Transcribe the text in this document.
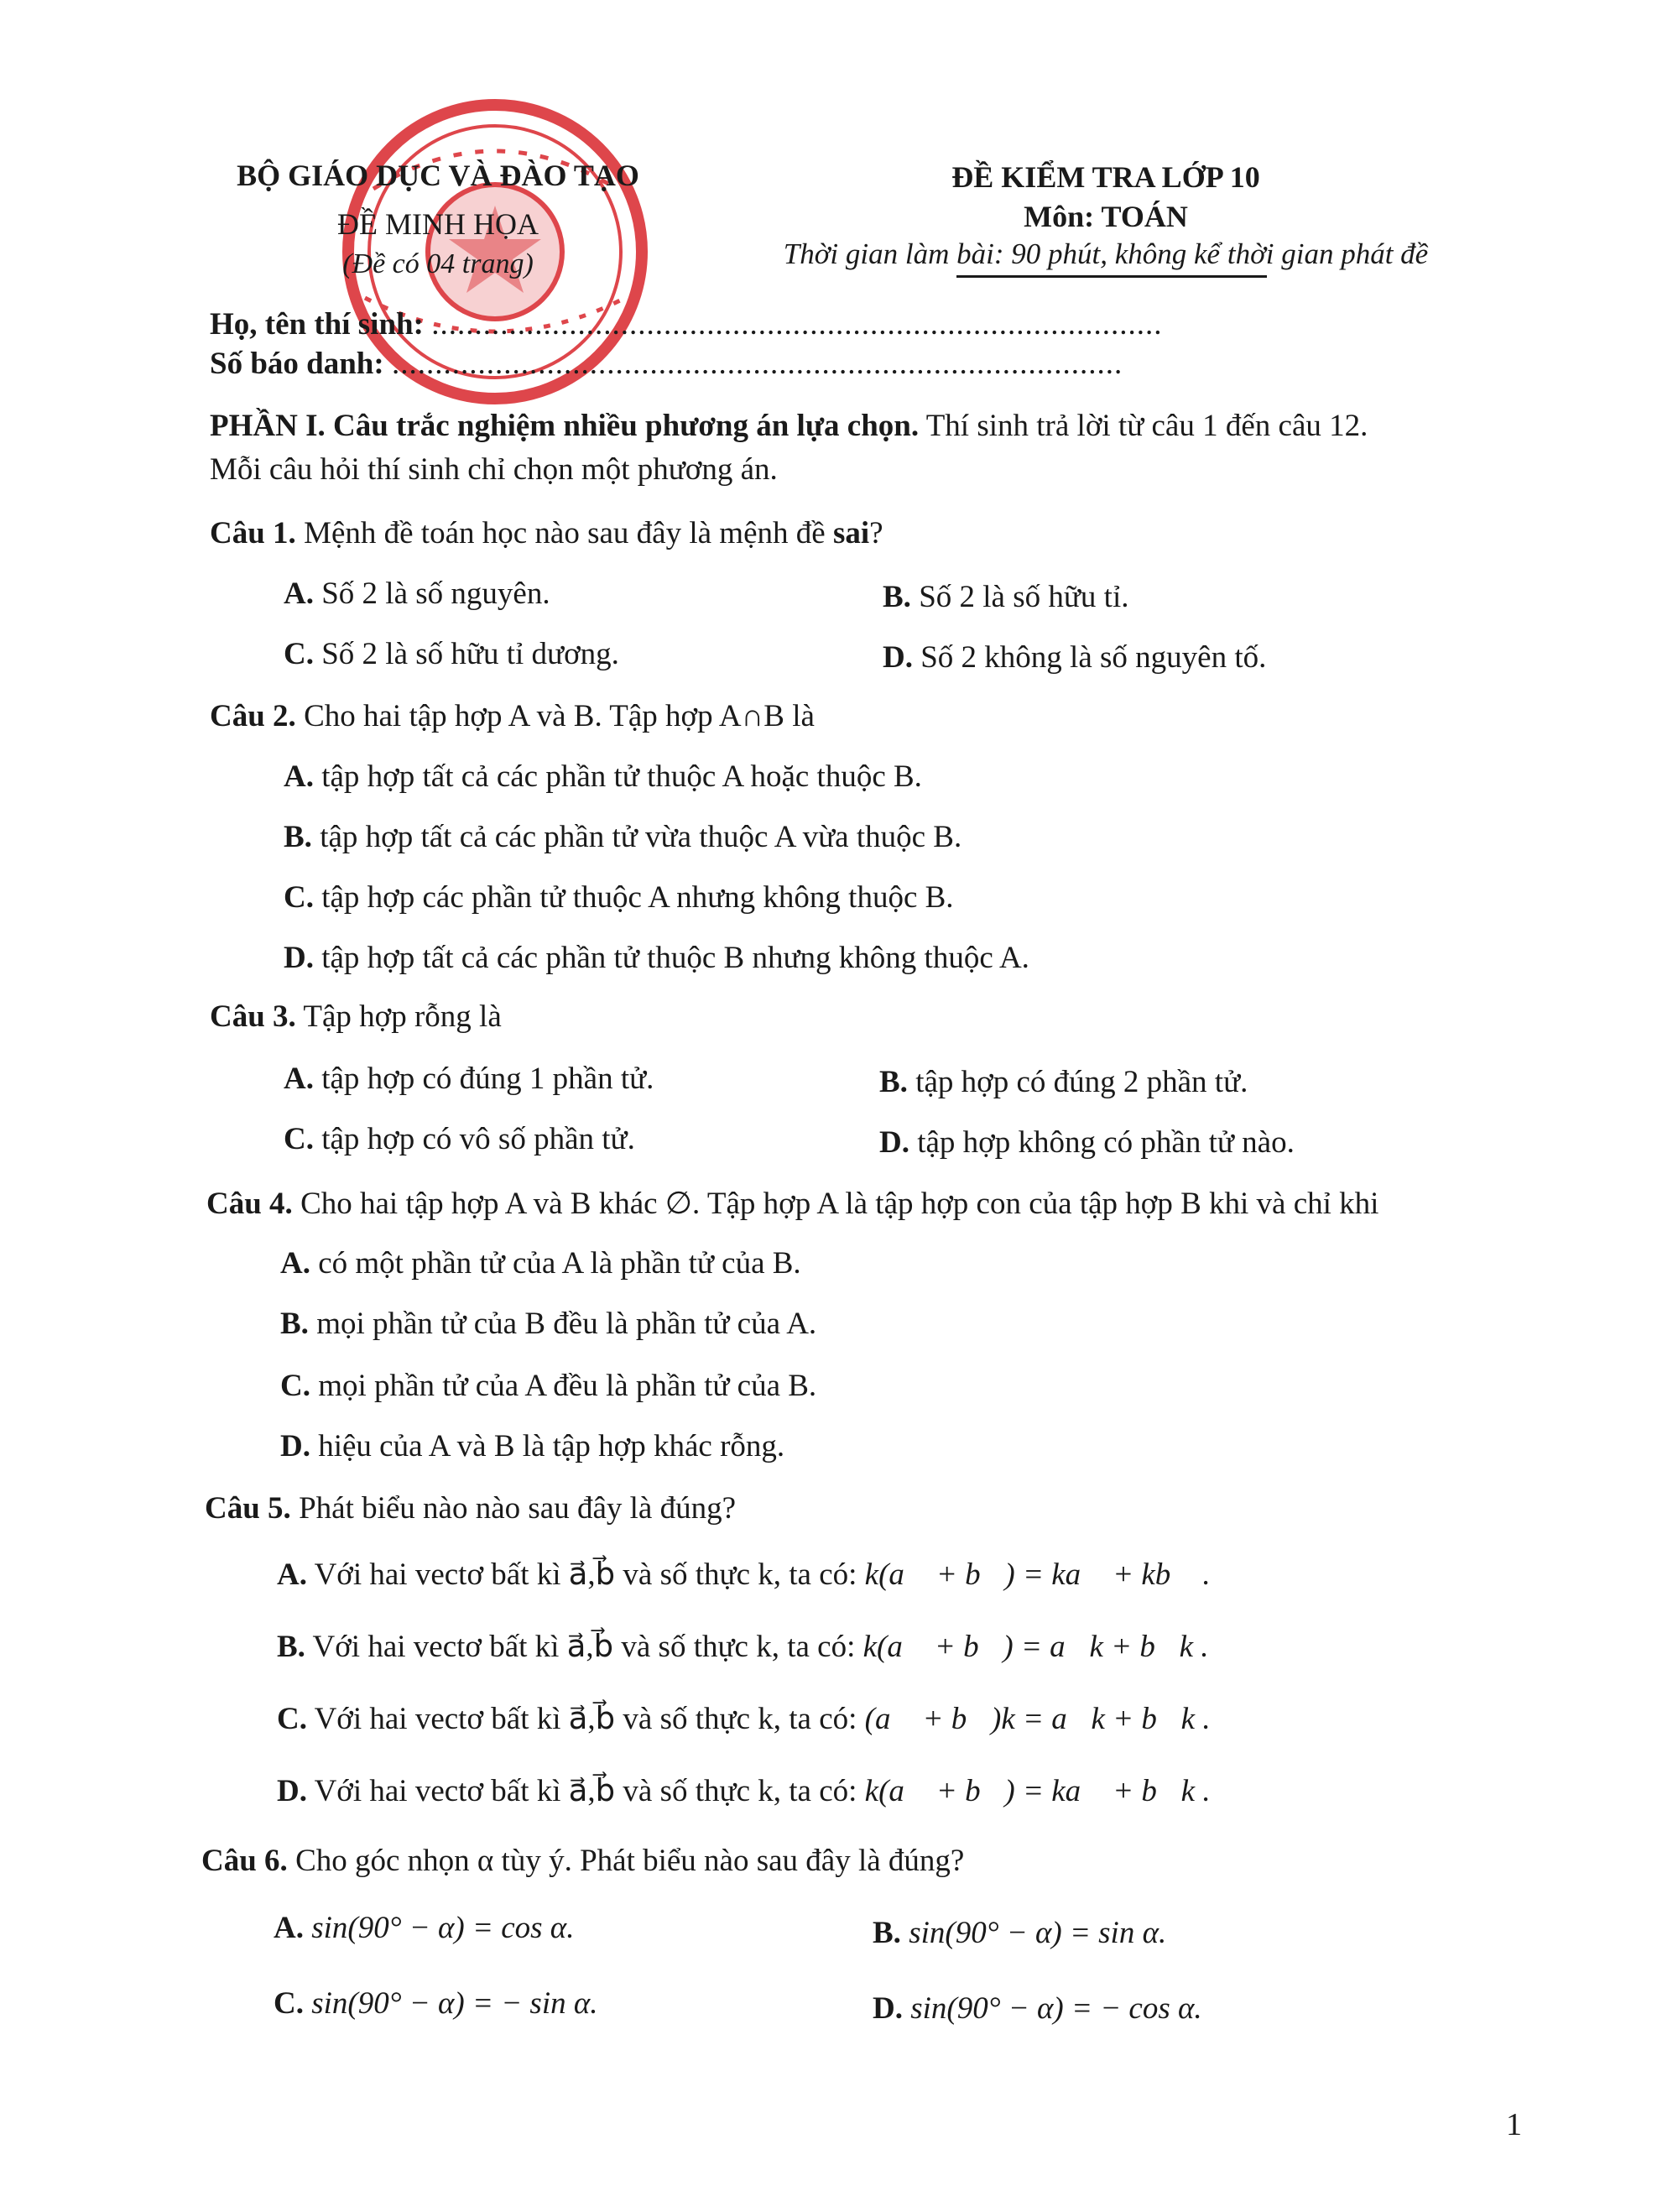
BỘ GIÁO DỤC VÀ ĐÀO TẠO
ĐỀ MINH HỌA
(Đề có 04 trang)
ĐỀ KIỂM TRA LỚP 10
Môn: TOÁN
Thời gian làm bài: 90 phút, không kể thời gian phát đề
Họ, tên thí sinh: .....................................................................................
Số báo danh: .....................................................................................
PHẦN I. Câu trắc nghiệm nhiều phương án lựa chọn. Thí sinh trả lời từ câu 1 đến câu 12.
Mỗi câu hỏi thí sinh chỉ chọn một phương án.
Câu 1. Mệnh đề toán học nào sau đây là mệnh đề sai?
A. Số 2 là số nguyên.	B. Số 2 là số hữu tỉ.
C. Số 2 là số hữu tỉ dương.	D. Số 2 không là số nguyên tố.
Câu 2. Cho hai tập hợp A và B. Tập hợp A∩B là
A. tập hợp tất cả các phần tử thuộc A hoặc thuộc B.
B. tập hợp tất cả các phần tử vừa thuộc A vừa thuộc B.
C. tập hợp các phần tử thuộc A nhưng không thuộc B.
D. tập hợp tất cả các phần tử thuộc B nhưng không thuộc A.
Câu 3. Tập hợp rỗng là
A. tập hợp có đúng 1 phần tử.	B. tập hợp có đúng 2 phần tử.
C. tập hợp có vô số phần tử.	D. tập hợp không có phần tử nào.
Câu 4. Cho hai tập hợp A và B khác ∅. Tập hợp A là tập hợp con của tập hợp B khi và chỉ khi
A. có một phần tử của A là phần tử của B.
B. mọi phần tử của B đều là phần tử của A.
C. mọi phần tử của A đều là phần tử của B.
D. hiệu của A và B là tập hợp khác rỗng.
Câu 5. Phát biểu nào nào sau đây là đúng?
A. Với hai vectơ bất kì a⃗,b⃗ và số thực k, ta có: k(a⃗ + b⃗) = ka⃗ + kb⃗ .
B. Với hai vectơ bất kì a⃗,b⃗ và số thực k, ta có: k(a⃗ + b⃗) = a⃗k + b⃗k .
C. Với hai vectơ bất kì a⃗,b⃗ và số thực k, ta có: (a⃗ + b⃗)k = a⃗k + b⃗k .
D. Với hai vectơ bất kì a⃗,b⃗ và số thực k, ta có: k(a⃗ + b⃗) = ka⃗ + b⃗k .
Câu 6. Cho góc nhọn α tùy ý. Phát biểu nào sau đây là đúng?
A. sin(90° − α) = cos α.	B. sin(90° − α) = sin α.
C. sin(90° − α) = − sin α.	D. sin(90° − α) = − cos α.
1
